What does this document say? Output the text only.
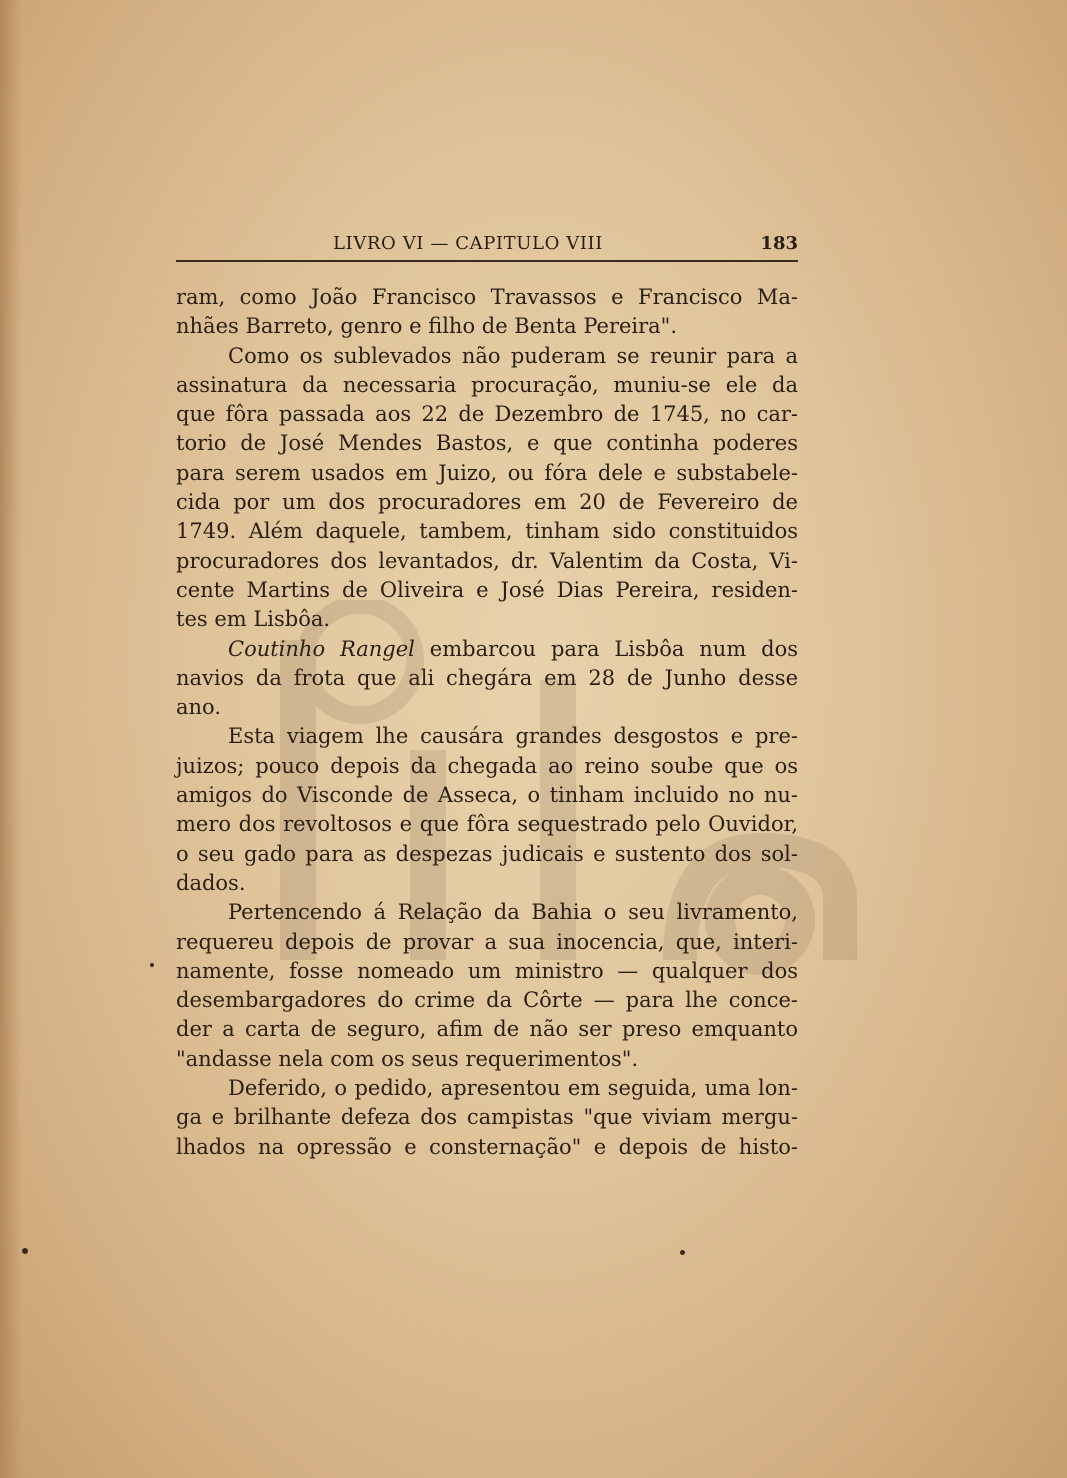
LIVRO VI — CAPITULO VIII	183
ram, como João Francisco Travassos e Francisco Ma-
nhães Barreto, genro e filho de Benta Pereira".
Como os sublevados não puderam se reunir para a
assinatura da necessaria procuração, muniu-se ele da
que fôra passada aos 22 de Dezembro de 1745, no car-
torio de José Mendes Bastos, e que continha poderes
para serem usados em Juizo, ou fóra dele e substabele-
cida por um dos procuradores em 20 de Fevereiro de
1749. Além daquele, tambem, tinham sido constituidos
procuradores dos levantados, dr. Valentim da Costa, Vi-
cente Martins de Oliveira e José Dias Pereira, residen-
tes em Lisbôa.
Coutinho Rangel embarcou para Lisbôa num dos
navios da frota que ali chegára em 28 de Junho desse
ano.
Esta viagem lhe causára grandes desgostos e pre-
juizos; pouco depois da chegada ao reino soube que os
amigos do Visconde de Asseca, o tinham incluido no nu-
mero dos revoltosos e que fôra sequestrado pelo Ouvidor,
o seu gado para as despezas judicais e sustento dos sol-
dados.
Pertencendo á Relação da Bahia o seu livramento,
requereu depois de provar a sua inocencia, que, interi-
namente, fosse nomeado um ministro — qualquer dos
desembargadores do crime da Côrte — para lhe conce-
der a carta de seguro, afim de não ser preso emquanto
"andasse nela com os seus requerimentos".
Deferido, o pedido, apresentou em seguida, uma lon-
ga e brilhante defeza dos campistas "que viviam mergu-
lhados na opressão e consternação" e depois de histo-
